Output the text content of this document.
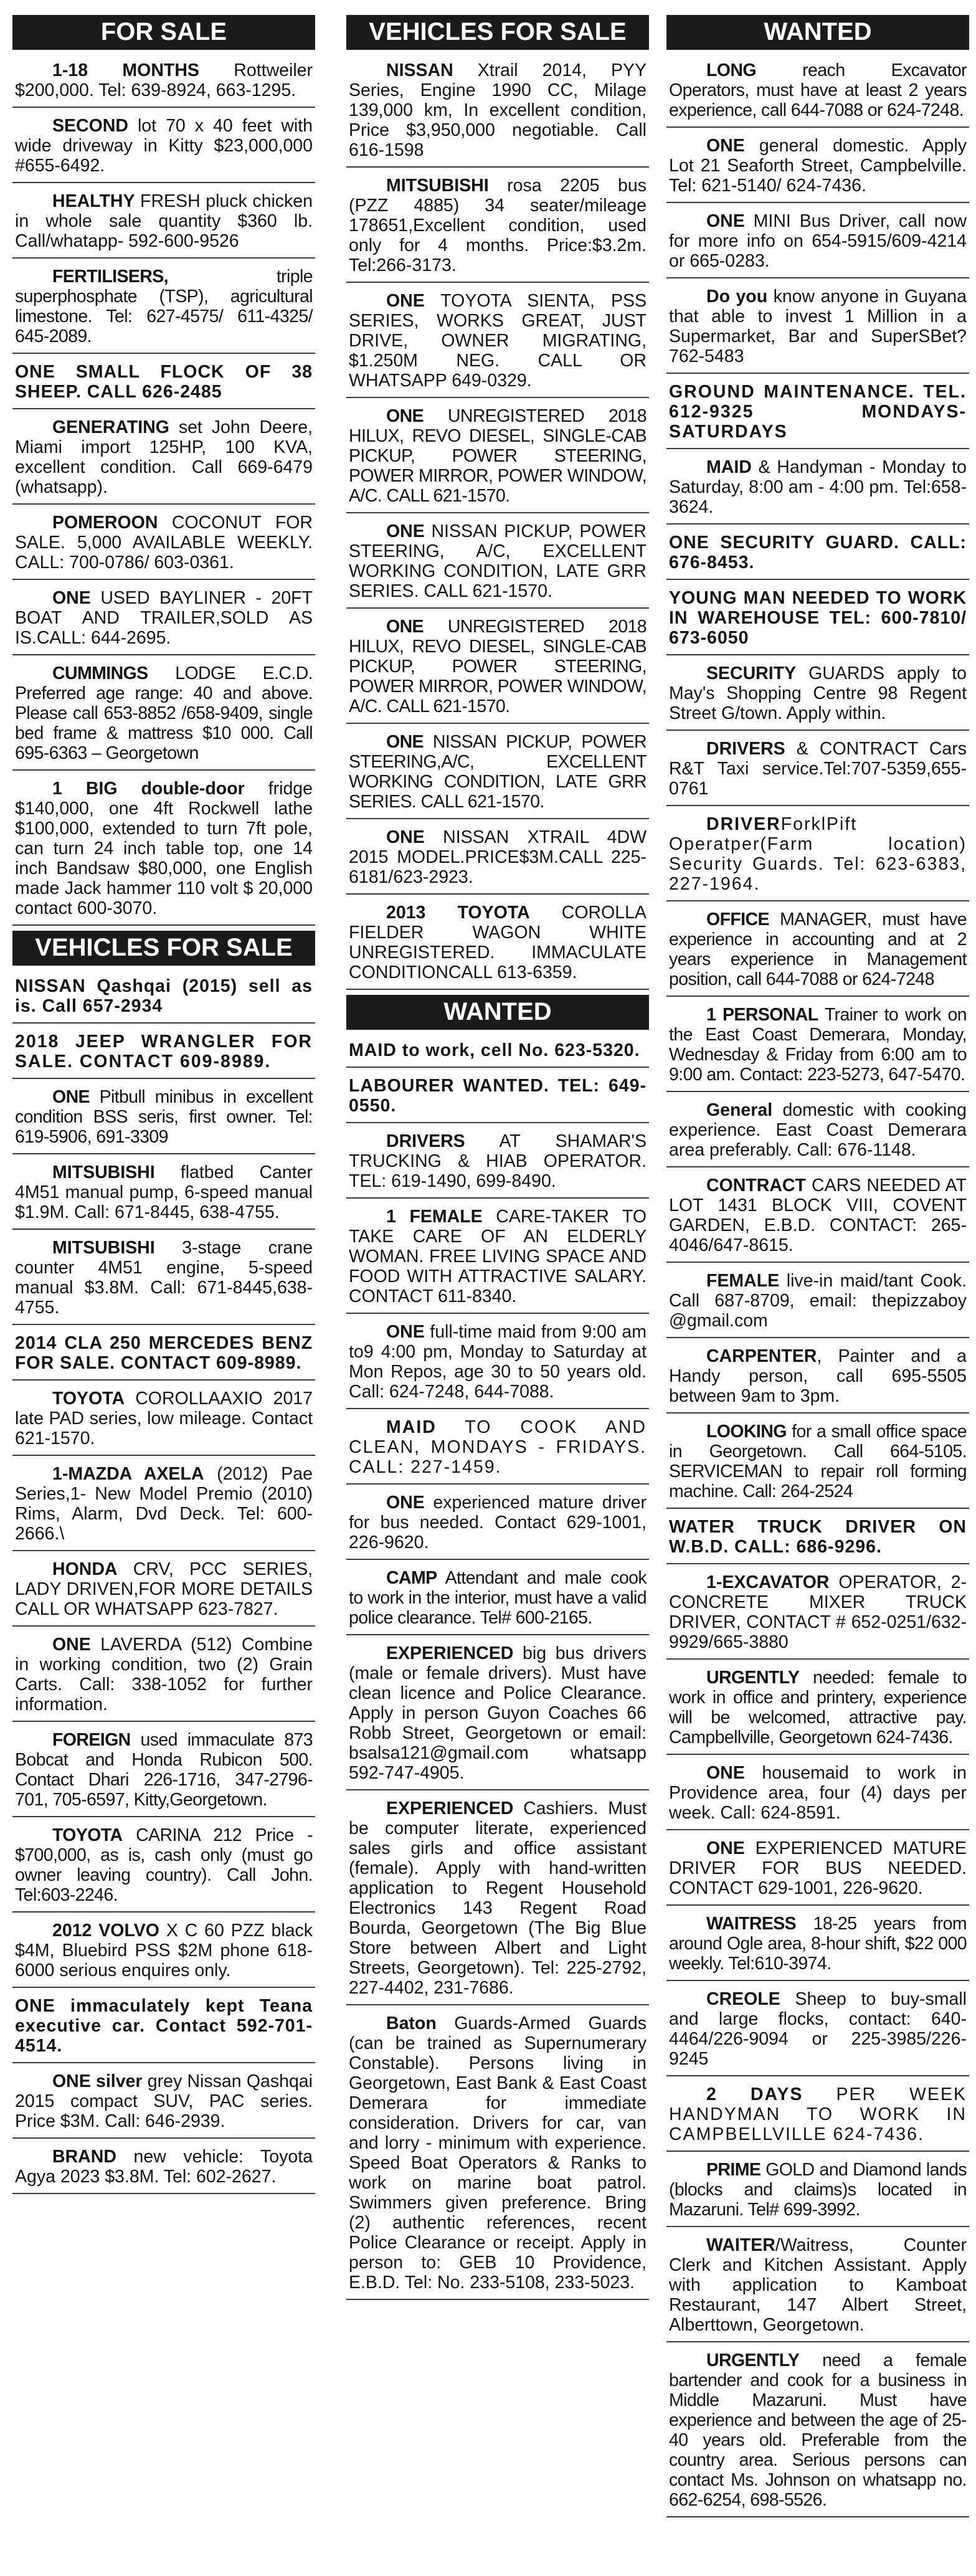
FOR SALE
1-18 MONTHS Rottweiler $200,000. Tel: 639-8924, 663-1295.
SECOND lot 70 x 40 feet with wide driveway in Kitty $23,000,000 #655-6492.
HEALTHY FRESH pluck chicken in whole sale quantity $360 lb. Call/whatapp- 592-600-9526
FERTILISERS, triple superphosphate (TSP), agricultural limestone. Tel: 627-4575/ 611-4325/ 645-2089.
ONE SMALL FLOCK OF 38 SHEEP. CALL 626-2485
GENERATING set John Deere, Miami import 125HP, 100 KVA, excellent condition. Call 669-6479 (whatsapp).
POMEROON COCONUT FOR SALE. 5,000 AVAILABLE WEEKLY. CALL: 700-0786/ 603-0361.
ONE USED BAYLINER - 20FT BOAT AND TRAILER,SOLD AS IS.CALL: 644-2695.
CUMMINGS LODGE E.C.D. Preferred age range: 40 and above. Please call 653-8852 /658-9409, single bed frame & mattress $10 000. Call 695-6363 – Georgetown
1 BIG double-door fridge $140,000, one 4ft Rockwell lathe $100,000, extended to turn 7ft pole, can turn 24 inch table top, one 14 inch Bandsaw $80,000, one English made Jack hammer 110 volt $ 20,000 contact 600-3070.
VEHICLES FOR SALE
NISSAN Qashqai (2015) sell as is. Call 657-2934
2018 JEEP WRANGLER FOR SALE. CONTACT 609-8989.
ONE Pitbull minibus in excellent condition BSS seris, first owner. Tel: 619-5906, 691-3309
MITSUBISHI flatbed Canter 4M51 manual pump, 6-speed manual $1.9M. Call: 671-8445, 638-4755.
MITSUBISHI 3-stage crane counter 4M51 engine, 5-speed manual $3.8M. Call: 671-8445,638-4755.
2014 CLA 250 MERCEDES BENZ FOR SALE. CONTACT 609-8989.
TOYOTA COROLLAAXIO 2017 late PAD series, low mileage. Contact 621-1570.
1-MAZDA AXELA (2012) Pae Series,1- New Model Premio (2010) Rims, Alarm, Dvd Deck. Tel: 600-2666.\
HONDA CRV, PCC SERIES, LADY DRIVEN,FOR MORE DETAILS CALL OR WHATSAPP 623-7827.
ONE LAVERDA (512) Combine in working condition, two (2) Grain Carts. Call: 338-1052 for further information.
FOREIGN used immaculate 873 Bobcat and Honda Rubicon 500. Contact Dhari 226-1716, 347-2796-701, 705-6597, Kitty,Georgetown.
TOYOTA CARINA 212 Price - $700,000, as is, cash only (must go owner leaving country). Call John. Tel:603-2246.
2012 VOLVO X C 60 PZZ black $4M, Bluebird PSS $2M phone 618-6000 serious enquires only.
ONE immaculately kept Teana executive car. Contact 592-701-4514.
ONE silver grey Nissan Qashqai 2015 compact SUV, PAC series. Price $3M. Call: 646-2939.
BRAND new vehicle: Toyota Agya 2023 $3.8M. Tel: 602-2627.
VEHICLES FOR SALE
NISSAN Xtrail 2014, PYY Series, Engine 1990 CC, Milage 139,000 km, In excellent condition, Price $3,950,000 negotiable. Call 616-1598
MITSUBISHI rosa 2205 bus (PZZ 4885) 34 seater/mileage 178651,Excellent condition, used only for 4 months. Price:$3.2m. Tel:266-3173.
ONE TOYOTA SIENTA, PSS SERIES, WORKS GREAT, JUST DRIVE, OWNER MIGRATING, $1.250M NEG. CALL OR WHATSAPP 649-0329.
ONE UNREGISTERED 2018 HILUX, REVO DIESEL, SINGLE-CAB PICKUP, POWER STEERING, POWER MIRROR, POWER WINDOW, A/C. CALL 621-1570.
ONE NISSAN PICKUP, POWER STEERING, A/C, EXCELLENT WORKING CONDITION, LATE GRR SERIES. CALL 621-1570.
ONE UNREGISTERED 2018 HILUX, REVO DIESEL, SINGLE-CAB PICKUP, POWER STEERING, POWER MIRROR, POWER WINDOW, A/C. CALL 621-1570.
ONE NISSAN PICKUP, POWER STEERING,A/C, EXCELLENT WORKING CONDITION, LATE GRR SERIES. CALL 621-1570.
ONE NISSAN XTRAIL 4DW 2015 MODEL.PRICE$3M.CALL 225-6181/623-2923.
2013 TOYOTA COROLLA FIELDER WAGON WHITE UNREGISTERED. IMMACULATE CONDITIONCALL 613-6359.
WANTED
MAID to work, cell No. 623-5320.
LABOURER WANTED. TEL: 649-0550.
DRIVERS AT SHAMAR'S TRUCKING & HIAB OPERATOR. TEL: 619-1490, 699-8490.
1 FEMALE CARE-TAKER TO TAKE CARE OF AN ELDERLY WOMAN. FREE LIVING SPACE AND FOOD WITH ATTRACTIVE SALARY. CONTACT 611-8340.
ONE full-time maid from 9:00 am to9 4:00 pm, Monday to Saturday at Mon Repos, age 30 to 50 years old. Call: 624-7248, 644-7088.
MAID TO COOK AND CLEAN, MONDAYS - FRIDAYS. CALL: 227-1459.
ONE experienced mature driver for bus needed. Contact 629-1001, 226-9620.
CAMP Attendant and male cook to work in the interior, must have a valid police clearance. Tel# 600-2165.
EXPERIENCED big bus drivers (male or female drivers). Must have clean licence and Police Clearance. Apply in person Guyon Coaches 66 Robb Street, Georgetown or email: bsalsa121@gmail.com whatsapp 592-747-4905.
EXPERIENCED Cashiers. Must be computer literate, experienced sales girls and office assistant (female). Apply with hand-written application to Regent Household Electronics 143 Regent Road Bourda, Georgetown (The Big Blue Store between Albert and Light Streets, Georgetown). Tel: 225-2792, 227-4402, 231-7686.
Baton Guards-Armed Guards (can be trained as Supernumerary Constable). Persons living in Georgetown, East Bank & East Coast Demerara for immediate consideration. Drivers for car, van and lorry - minimum with experience. Speed Boat Operators & Ranks to work on marine boat patrol. Swimmers given preference. Bring (2) authentic references, recent Police Clearance or receipt. Apply in person to: GEB 10 Providence, E.B.D. Tel: No. 233-5108, 233-5023.
WANTED
LONG reach Excavator Operators, must have at least 2 years experience, call 644-7088 or 624-7248.
ONE general domestic. Apply Lot 21 Seaforth Street, Campbelville. Tel: 621-5140/ 624-7436.
ONE MINI Bus Driver, call now for more info on 654-5915/609-4214 or 665-0283.
Do you know anyone in Guyana that able to invest 1 Million in a Supermarket, Bar and SuperSBet? 762-5483
GROUND MAINTENANCE. TEL. 612-9325 MONDAYS-SATURDAYS
MAID & Handyman - Monday to Saturday, 8:00 am - 4:00 pm. Tel:658-3624.
ONE SECURITY GUARD. CALL: 676-8453.
YOUNG MAN NEEDED TO WORK IN WAREHOUSE TEL: 600-7810/ 673-6050
SECURITY GUARDS apply to May's Shopping Centre 98 Regent Street G/town. Apply within.
DRIVERS & CONTRACT Cars R&T Taxi service.Tel:707-5359,655-0761
DRIVERForklPift Operatper(Farm location) Security Guards. Tel: 623-6383, 227-1964.
OFFICE MANAGER, must have experience in accounting and at 2 years experience in Management position, call 644-7088 or 624-7248
1 PERSONAL Trainer to work on the East Coast Demerara, Monday, Wednesday & Friday from 6:00 am to 9:00 am. Contact: 223-5273, 647-5470.
General domestic with cooking experience. East Coast Demerara area preferably. Call: 676-1148.
CONTRACT CARS NEEDED AT LOT 1431 BLOCK VIII, COVENT GARDEN, E.B.D. CONTACT: 265-4046/647-8615.
FEMALE live-in maid/tant Cook. Call 687-8709, email: thepizzaboy @gmail.com
CARPENTER, Painter and a Handy person, call 695-5505 between 9am to 3pm.
LOOKING for a small office space in Georgetown. Call 664-5105. SERVICEMAN to repair roll forming machine. Call: 264-2524
WATER TRUCK DRIVER ON W.B.D. CALL: 686-9296.
1-EXCAVATOR OPERATOR, 2- CONCRETE MIXER TRUCK DRIVER, CONTACT # 652-0251/632-9929/665-3880
URGENTLY needed: female to work in office and printery, experience will be welcomed, attractive pay. Campbellville, Georgetown 624-7436.
ONE housemaid to work in Providence area, four (4) days per week. Call: 624-8591.
ONE EXPERIENCED MATURE DRIVER FOR BUS NEEDED. CONTACT 629-1001, 226-9620.
WAITRESS 18-25 years from around Ogle area, 8-hour shift, $22 000 weekly. Tel:610-3974.
CREOLE Sheep to buy-small and large flocks, contact: 640-4464/226-9094 or 225-3985/226-9245
2 DAYS PER WEEK HANDYMAN TO WORK IN CAMPBELLVILLE 624-7436.
PRIME GOLD and Diamond lands (blocks and claims)s located in Mazaruni. Tel# 699-3992.
WAITER/Waitress, Counter Clerk and Kitchen Assistant. Apply with application to Kamboat Restaurant, 147 Albert Street, Alberttown, Georgetown.
URGENTLY need a female bartender and cook for a business in Middle Mazaruni. Must have experience and between the age of 25-40 years old. Preferable from the country area. Serious persons can contact Ms. Johnson on whatsapp no. 662-6254, 698-5526.
